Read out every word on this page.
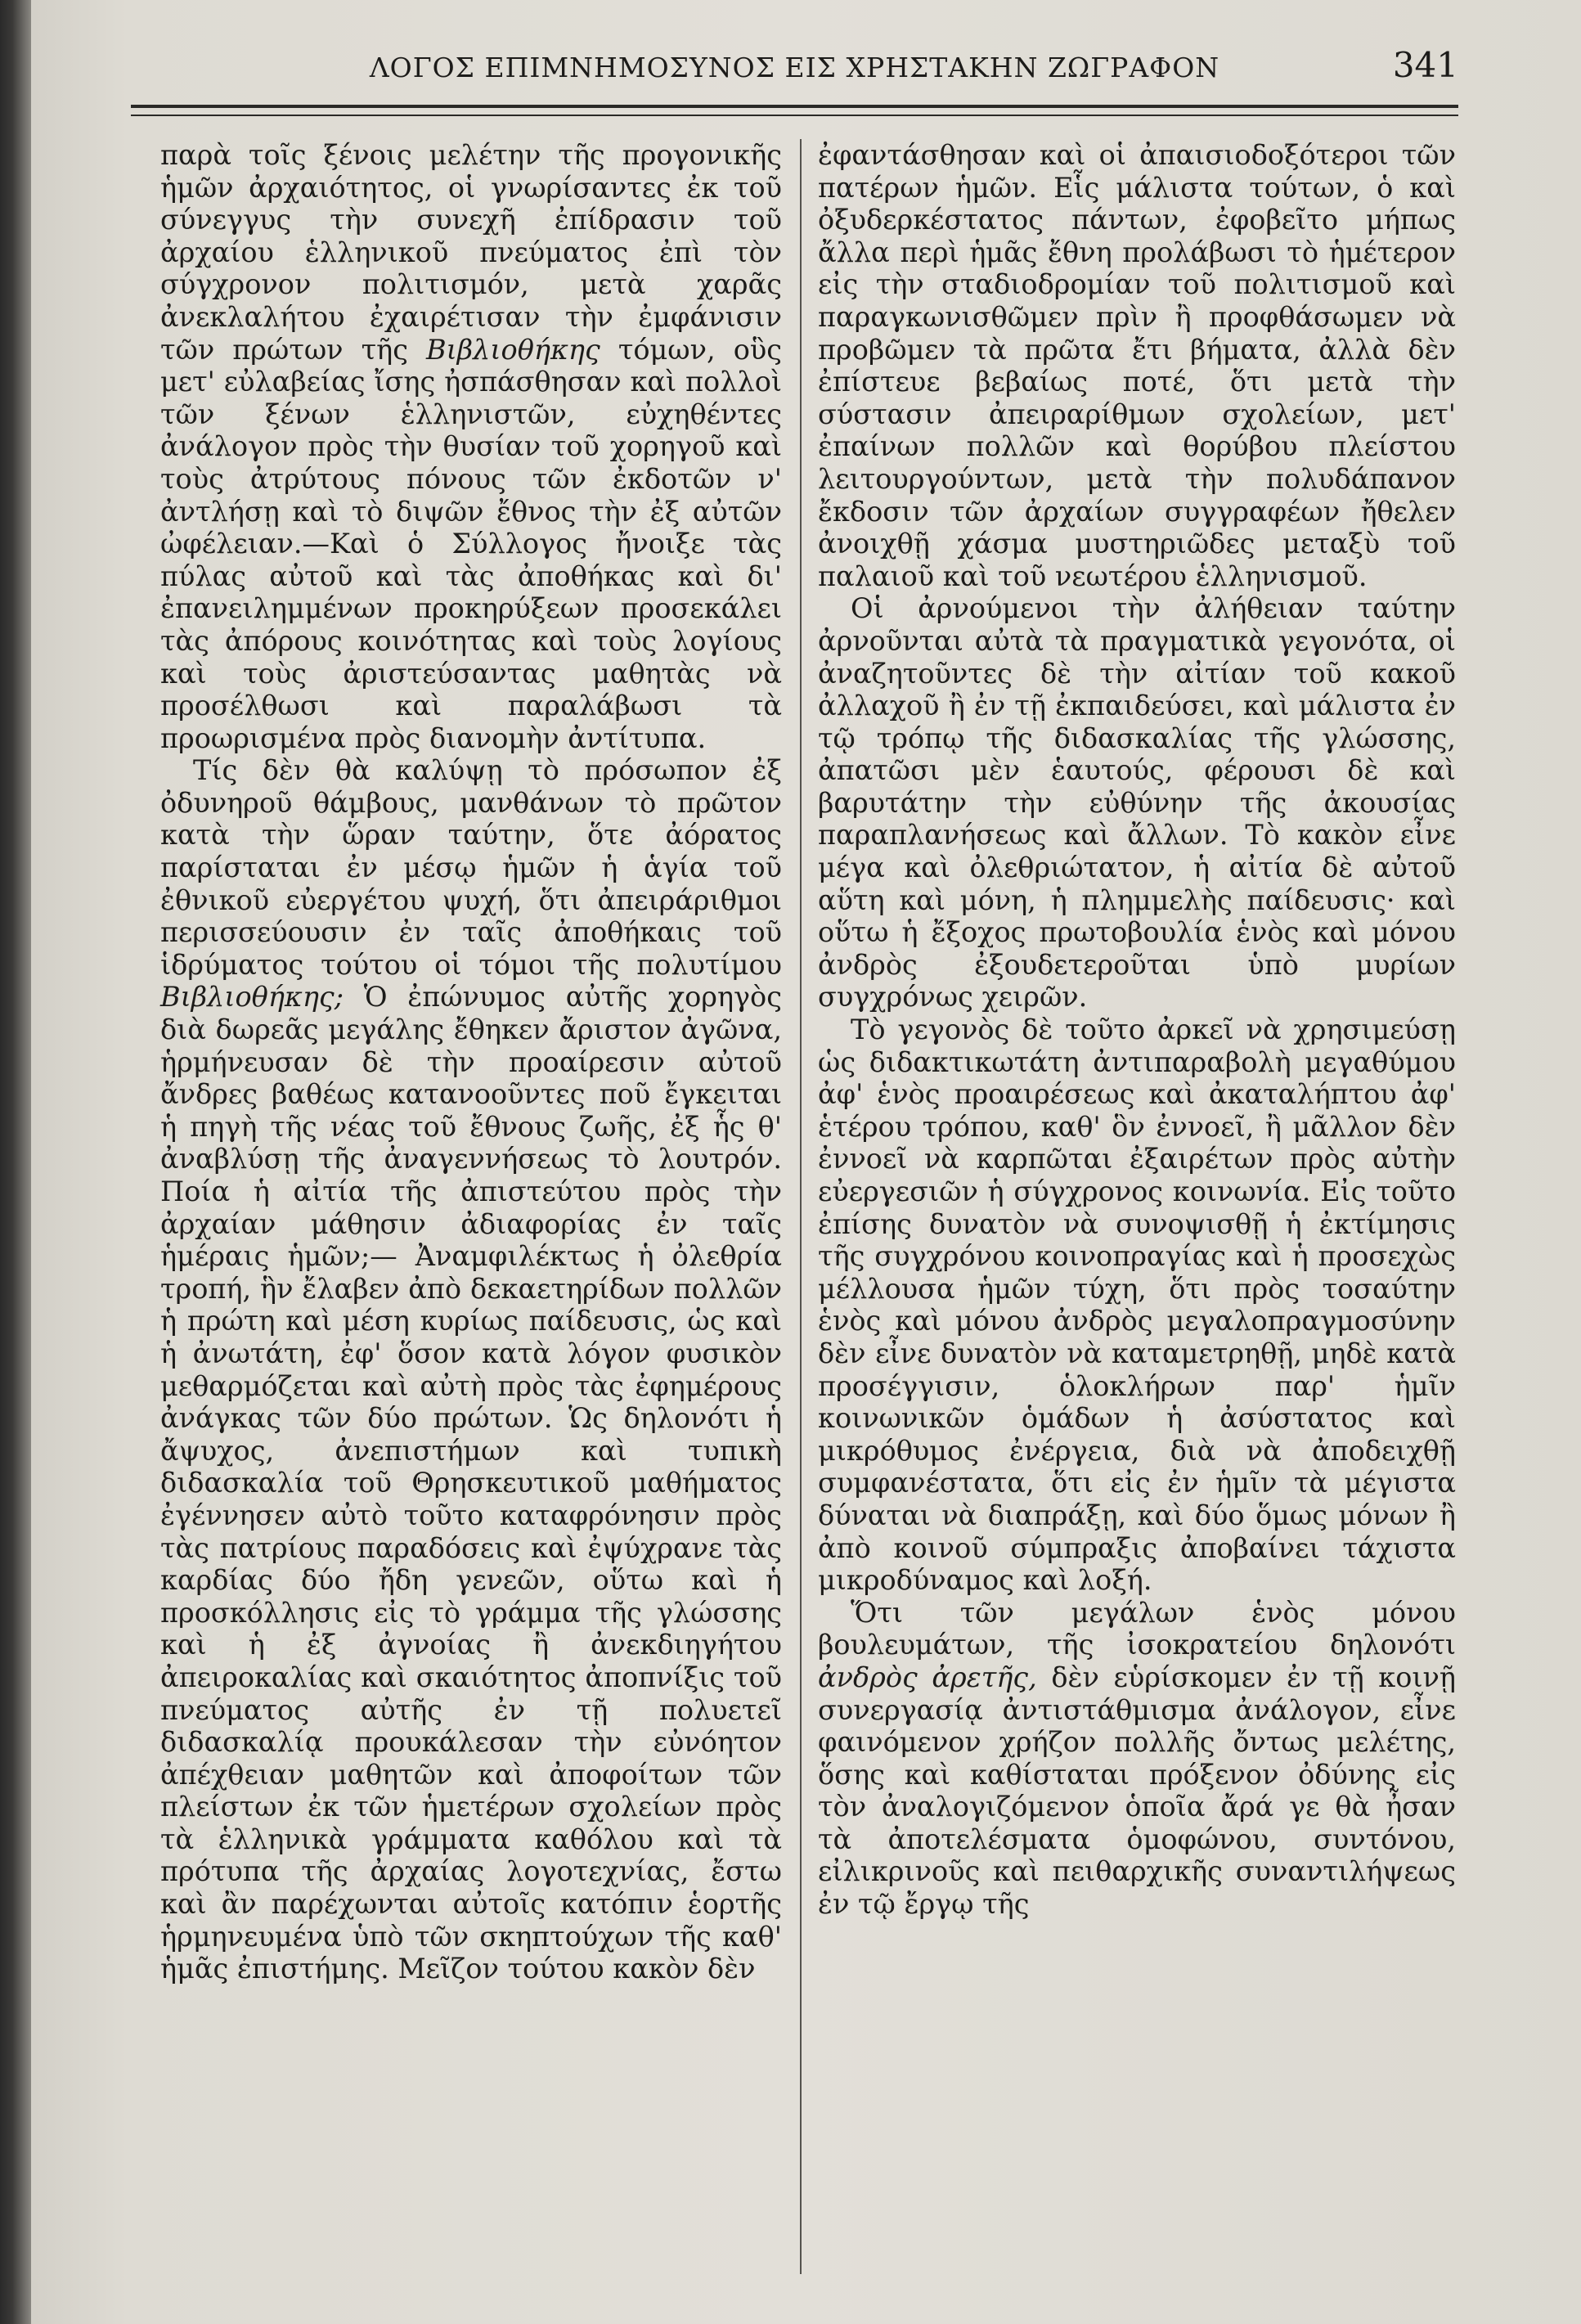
ΛΟΓΟΣ ΕΠΙΜΝΗΜΟΣΥΝΟΣ ΕΙΣ ΧΡΗΣΤΑΚΗΝ ΖΩΓΡΑΦΟΝ	341

παρὰ τοῖς ξένοις μελέτην τῆς προγονικῆς ἡμῶν ἀρχαιότητος, οἱ γνωρίσαντες ἐκ τοῦ σύνεγγυς τὴν συνεχῆ ἐπίδρασιν τοῦ ἀρχαίου ἑλληνικοῦ πνεύματος ἐπὶ τὸν σύγχρονον πολιτισμόν, μετὰ χαρᾶς ἀνεκλαλήτου ἐχαιρέτισαν τὴν ἐμφάνισιν τῶν πρώτων τῆς Βιβλιοθήκης τόμων, οὓς μετ' εὐλαβείας ἴσης ἠσπάσθησαν καὶ πολλοὶ τῶν ξένων ἑλληνιστῶν, εὐχηθέντες ἀνάλογον πρὸς τὴν θυσίαν τοῦ χορηγοῦ καὶ τοὺς ἀτρύτους πόνους τῶν ἐκδοτῶν ν' ἀντλήσῃ καὶ τὸ διψῶν ἔθνος τὴν ἐξ αὐτῶν ὠφέλειαν.—Καὶ ὁ Σύλλογος ἤνοιξε τὰς πύλας αὐτοῦ καὶ τὰς ἀποθήκας καὶ δι' ἐπανειλημμένων προκηρύξεων προσεκάλει τὰς ἀπόρους κοινότητας καὶ τοὺς λογίους καὶ τοὺς ἀριστεύσαντας μαθητὰς νὰ προσέλθωσι καὶ παραλάβωσι τὰ προωρισμένα πρὸς διανομὴν ἀντίτυπα.

Τίς δὲν θὰ καλύψῃ τὸ πρόσωπον ἐξ ὀδυνηροῦ θάμβους, μανθάνων τὸ πρῶτον κατὰ τὴν ὥραν ταύτην, ὅτε ἀόρατος παρίσταται ἐν μέσῳ ἡμῶν ἡ ἁγία τοῦ ἐθνικοῦ εὐεργέτου ψυχή, ὅτι ἀπειράριθμοι περισσεύουσιν ἐν ταῖς ἀποθήκαις τοῦ ἱδρύματος τούτου οἱ τόμοι τῆς πολυτίμου Βιβλιοθήκης; Ὁ ἐπώνυμος αὐτῆς χορηγὸς διὰ δωρεᾶς μεγάλης ἔθηκεν ἄριστον ἀγῶνα, ἡρμήνευσαν δὲ τὴν προαίρεσιν αὐτοῦ ἄνδρες βαθέως κατανοοῦντες ποῦ ἔγκειται ἡ πηγὴ τῆς νέας τοῦ ἔθνους ζωῆς, ἐξ ἧς θ' ἀναβλύσῃ τῆς ἀναγεννήσεως τὸ λουτρόν. Ποία ἡ αἰτία τῆς ἀπιστεύτου πρὸς τὴν ἀρχαίαν μάθησιν ἀδιαφορίας ἐν ταῖς ἡμέραις ἡμῶν;— Ἀναμφιλέκτως ἡ ὀλεθρία τροπή, ἣν ἔλαβεν ἀπὸ δεκαετηρίδων πολλῶν ἡ πρώτη καὶ μέση κυρίως παίδευσις, ὡς καὶ ἡ ἀνωτάτη, ἐφ' ὅσον κατὰ λόγον φυσικὸν μεθαρμόζεται καὶ αὐτὴ πρὸς τὰς ἐφημέρους ἀνάγκας τῶν δύο πρώτων. Ὡς δηλονότι ἡ ἄψυχος, ἀνεπιστήμων καὶ τυπικὴ διδασκαλία τοῦ Θρησκευτικοῦ μαθήματος ἐγέννησεν αὐτὸ τοῦτο καταφρόνησιν πρὸς τὰς πατρίους παραδόσεις καὶ ἐψύχρανε τὰς καρδίας δύο ἤδη γενεῶν, οὕτω καὶ ἡ προσκόλλησις εἰς τὸ γράμμα τῆς γλώσσης καὶ ἡ ἐξ ἀγνοίας ἢ ἀνεκδιηγήτου ἀπειροκαλίας καὶ σκαιότητος ἀποπνίξις τοῦ πνεύματος αὐτῆς ἐν τῇ πολυετεῖ διδασκαλίᾳ προυκάλεσαν τὴν εὐνόητον ἀπέχθειαν μαθητῶν καὶ ἀποφοίτων τῶν πλείστων ἐκ τῶν ἡμετέρων σχολείων πρὸς τὰ ἑλληνικὰ γράμματα καθόλου καὶ τὰ πρότυπα τῆς ἀρχαίας λογοτεχνίας, ἔστω καὶ ἂν παρέχωνται αὐτοῖς κατόπιν ἑορτῆς ἡρμηνευμένα ὑπὸ τῶν σκηπτούχων τῆς καθ' ἡμᾶς ἐπιστήμης. Μεῖζον τούτου κακὸν δὲν

ἐφαντάσθησαν καὶ οἱ ἀπαισιοδοξότεροι τῶν πατέρων ἡμῶν. Εἷς μάλιστα τούτων, ὁ καὶ ὀξυδερκέστατος πάντων, ἐφοβεῖτο μήπως ἄλλα περὶ ἡμᾶς ἔθνη προλάβωσι τὸ ἡμέτερον εἰς τὴν σταδιοδρομίαν τοῦ πολιτισμοῦ καὶ παραγκωνισθῶμεν πρὶν ἢ προφθάσωμεν νὰ προβῶμεν τὰ πρῶτα ἔτι βήματα, ἀλλὰ δὲν ἐπίστευε βεβαίως ποτέ, ὅτι μετὰ τὴν σύστασιν ἀπειραρίθμων σχολείων, μετ' ἐπαίνων πολλῶν καὶ θορύβου πλείστου λειτουργούντων, μετὰ τὴν πολυδάπανον ἔκδοσιν τῶν ἀρχαίων συγγραφέων ἤθελεν ἀνοιχθῇ χάσμα μυστηριῶδες μεταξὺ τοῦ παλαιοῦ καὶ τοῦ νεωτέρου ἑλληνισμοῦ.

Οἱ ἀρνούμενοι τὴν ἀλήθειαν ταύτην ἀρνοῦνται αὐτὰ τὰ πραγματικὰ γεγονότα, οἱ ἀναζητοῦντες δὲ τὴν αἰτίαν τοῦ κακοῦ ἀλλαχοῦ ἢ ἐν τῇ ἐκπαιδεύσει, καὶ μάλιστα ἐν τῷ τρόπῳ τῆς διδασκαλίας τῆς γλώσσης, ἀπατῶσι μὲν ἑαυτούς, φέρουσι δὲ καὶ βαρυτάτην τὴν εὐθύνην τῆς ἀκουσίας παραπλανήσεως καὶ ἄλλων. Τὸ κακὸν εἶνε μέγα καὶ ὀλεθριώτατον, ἡ αἰτία δὲ αὐτοῦ αὕτη καὶ μόνη, ἡ πλημμελὴς παίδευσις· καὶ οὕτω ἡ ἔξοχος πρωτοβουλία ἑνὸς καὶ μόνου ἀνδρὸς ἐξουδετεροῦται ὑπὸ μυρίων συγχρόνως χειρῶν.

Τὸ γεγονὸς δὲ τοῦτο ἀρκεῖ νὰ χρησιμεύσῃ ὡς διδακτικωτάτη ἀντιπαραβολὴ μεγαθύμου ἀφ' ἑνὸς προαιρέσεως καὶ ἀκαταλήπτου ἀφ' ἑτέρου τρόπου, καθ' ὃν ἐννοεῖ, ἢ μᾶλλον δὲν ἐννοεῖ νὰ καρπῶται ἐξαιρέτων πρὸς αὐτὴν εὐεργεσιῶν ἡ σύγχρονος κοινωνία. Εἰς τοῦτο ἐπίσης δυνατὸν νὰ συνοψισθῇ ἡ ἐκτίμησις τῆς συγχρόνου κοινοπραγίας καὶ ἡ προσεχὼς μέλλουσα ἡμῶν τύχη, ὅτι πρὸς τοσαύτην ἑνὸς καὶ μόνου ἀνδρὸς μεγαλοπραγμοσύνην δὲν εἶνε δυνατὸν νὰ καταμετρηθῇ, μηδὲ κατὰ προσέγγισιν, ὁλοκλήρων παρ' ἡμῖν κοινωνικῶν ὁμάδων ἡ ἀσύστατος καὶ μικρόθυμος ἐνέργεια, διὰ νὰ ἀποδειχθῇ συμφανέστατα, ὅτι εἰς ἐν ἡμῖν τὰ μέγιστα δύναται νὰ διαπράξῃ, καὶ δύο ὅμως μόνων ἢ ἀπὸ κοινοῦ σύμπραξις ἀποβαίνει τάχιστα μικροδύναμος καὶ λοξή.

Ὅτι τῶν μεγάλων ἑνὸς μόνου βουλευμάτων, τῆς ἰσοκρατείου δηλονότι ἀνδρὸς ἀρετῆς, δὲν εὑρίσκομεν ἐν τῇ κοινῇ συνεργασίᾳ ἀντιστάθμισμα ἀνάλογον, εἶνε φαινόμενον χρήζον πολλῆς ὄντως μελέτης, ὅσης καὶ καθίσταται πρόξενον ὀδύνης εἰς τὸν ἀναλογιζόμενον ὁποῖα ἄρά γε θὰ ἦσαν τὰ ἀποτελέσματα ὁμοφώνου, συντόνου, εἰλικρινοῦς καὶ πειθαρχικῆς συναντιλήψεως ἐν τῷ ἔργῳ τῆς
